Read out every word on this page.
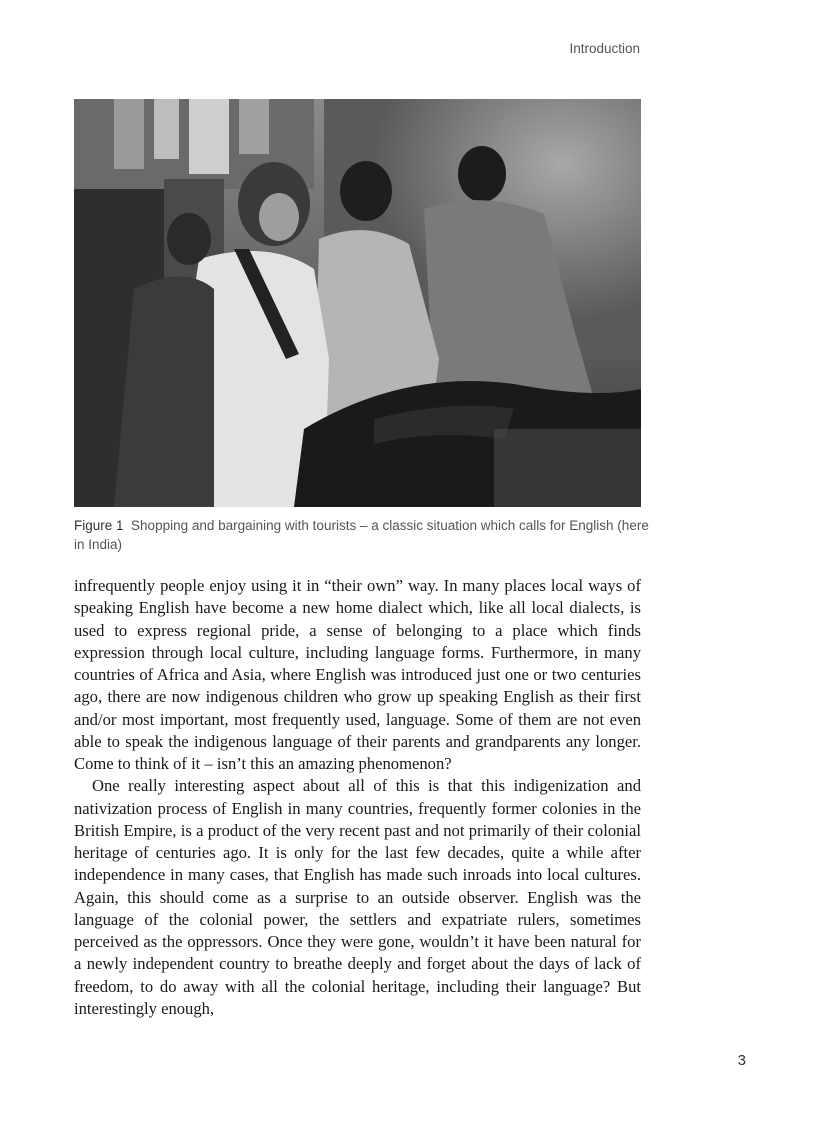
Introduction
Figure 1 Shopping and bargaining with tourists – a classic situation which calls for English (here in India)

infrequently people enjoy using it in “their own” way. In many places local ways of speaking English have become a new home dialect which, like all local dialects, is used to express regional pride, a sense of belonging to a place which finds expression through local culture, including language forms. Furthermore, in many countries of Africa and Asia, where English was introduced just one or two centuries ago, there are now indigenous children who grow up speaking English as their first and/or most important, most frequently used, language. Some of them are not even able to speak the indigenous language of their parents and grandparents any longer. Come to think of it – isn’t this an amazing phenomenon?

One really interesting aspect about all of this is that this indigenization and nativization process of English in many countries, frequently former colonies in the British Empire, is a product of the very recent past and not primarily of their colonial heritage of centuries ago. It is only for the last few decades, quite a while after independence in many cases, that English has made such inroads into local cultures. Again, this should come as a surprise to an outside observer. English was the language of the colonial power, the settlers and expatriate rulers, sometimes perceived as the oppressors. Once they were gone, wouldn’t it have been natural for a newly independent country to breathe deeply and forget about the days of lack of freedom, to do away with all the colonial heritage, including their language? But interestingly enough,

3
